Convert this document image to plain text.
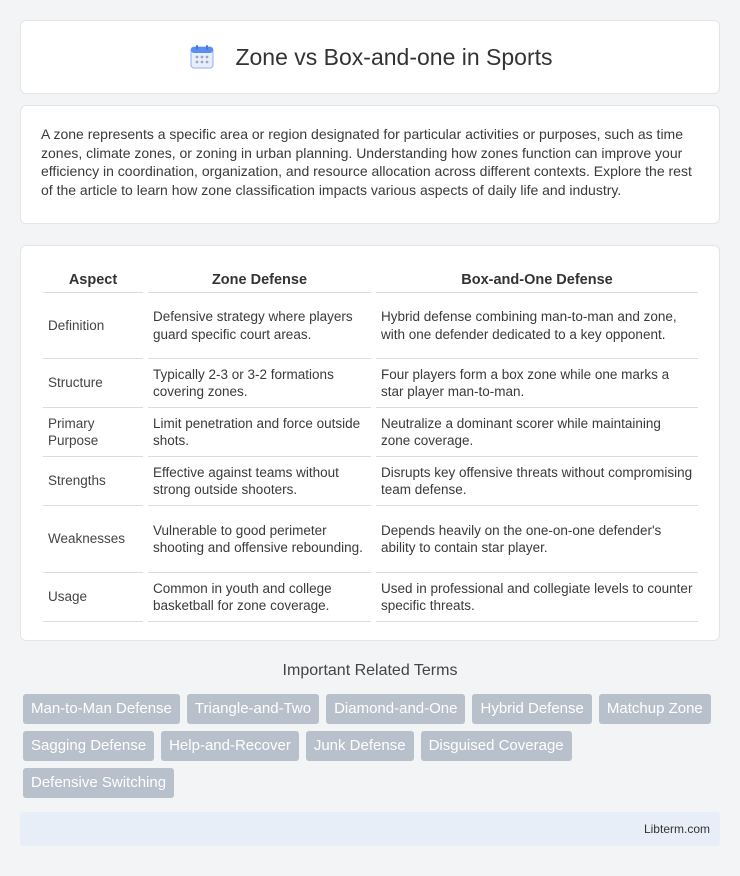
Zone vs Box-and-one in Sports

A zone represents a specific area or region designated for particular activities or purposes, such as time zones, climate zones, or zoning in urban planning. Understanding how zones function can improve your efficiency in coordination, organization, and resource allocation across different contexts. Explore the rest of the article to learn how zone classification impacts various aspects of daily life and industry.

Aspect	Zone Defense	Box-and-One Defense
Definition	Defensive strategy where players guard specific court areas.	Hybrid defense combining man-to-man and zone, with one defender dedicated to a key opponent.
Structure	Typically 2-3 or 3-2 formations covering zones.	Four players form a box zone while one marks a star player man-to-man.
Primary Purpose	Limit penetration and force outside shots.	Neutralize a dominant scorer while maintaining zone coverage.
Strengths	Effective against teams without strong outside shooters.	Disrupts key offensive threats without compromising team defense.
Weaknesses	Vulnerable to good perimeter shooting and offensive rebounding.	Depends heavily on the one-on-one defender's ability to contain star player.
Usage	Common in youth and college basketball for zone coverage.	Used in professional and collegiate levels to counter specific threats.
Important Related Terms
Man-to-Man Defense	Triangle-and-Two	Diamond-and-One	Hybrid Defense	Matchup Zone
Sagging Defense	Help-and-Recover	Junk Defense	Disguised Coverage
Defensive Switching
Libterm.com
